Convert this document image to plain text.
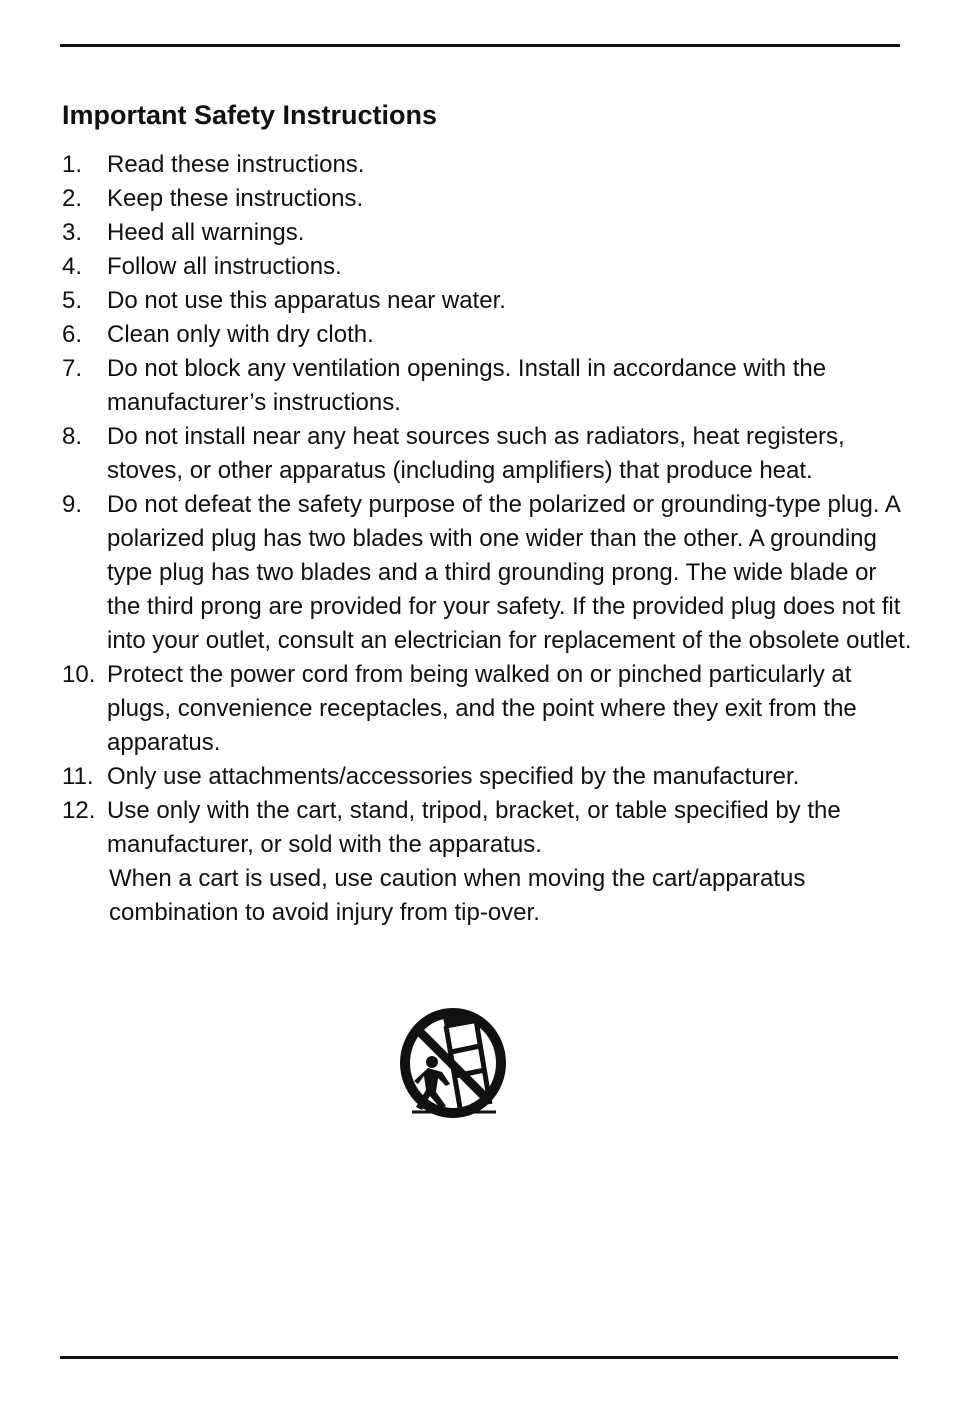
Important Safety Instructions
1. Read these instructions.
2. Keep these instructions.
3. Heed all warnings.
4. Follow all instructions.
5. Do not use this apparatus near water.
6. Clean only with dry cloth.
7. Do not block any ventilation openings. Install in accordance with the manufacturer’s instructions.
8. Do not install near any heat sources such as radiators, heat registers, stoves, or other apparatus (including amplifiers) that produce heat.
9. Do not defeat the safety purpose of the polarized or grounding-type plug. A polarized plug has two blades with one wider than the other. A grounding type plug has two blades and a third grounding prong. The wide blade or the third prong are provided for your safety. If the provided plug does not fit into your outlet, consult an electrician for replacement of the obsolete outlet.
10. Protect the power cord from being walked on or pinched particularly at plugs, convenience receptacles, and the point where they exit from the apparatus.
11. Only use attachments/accessories specified by the manufacturer.
12. Use only with the cart, stand, tripod, bracket, or table specified by the manufacturer, or sold with the apparatus.
When a cart is used, use caution when moving the cart/apparatus combination to avoid injury from tip-over.
